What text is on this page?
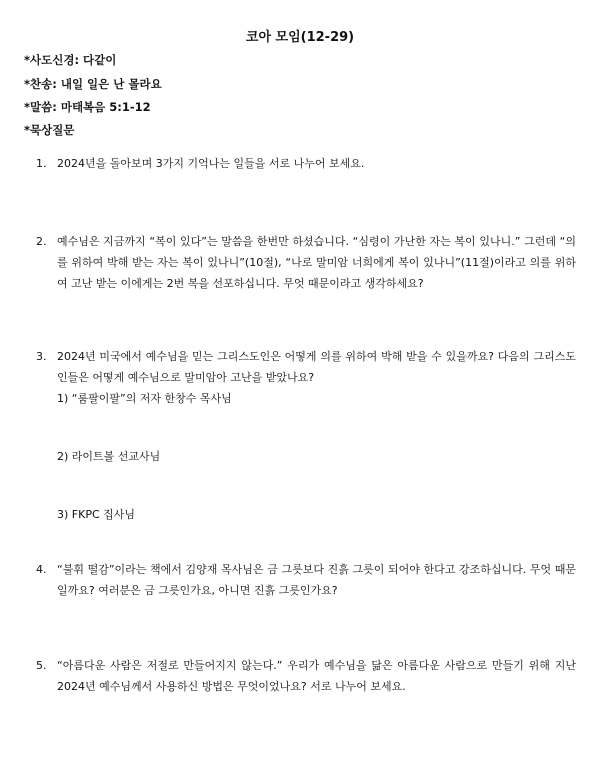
코아 모임(12-29)
*사도신경: 다같이
*찬송: 내일 일은 난 몰라요
*말씀: 마태복음 5:1-12
*묵상질문
1. 2024년을 돌아보며 3가지 기억나는 일들을 서로 나누어 보세요.
2. 예수님은 지금까지 “복이 있다”는 말씀을 한번만 하셨습니다. “심령이 가난한 자는 복이 있나니.” 그런데 “의를 위하여 박해 받는 자는 복이 있나니”(10절), “나로 말미암 너희에게 복이 있나니”(11절)이라고 의를 위하여 고난 받는 이에게는 2번 복을 선포하십니다. 무엇 때문이라고 생각하세요?
3. 2024년 미국에서 예수님을 믿는 그리스도인은 어떻게 의를 위하여 박해 받을 수 있을까요? 다음의 그리스도인들은 어떻게 예수님으로 말미암아 고난을 받았나요?
1) “룸팔이팔”의 저자 한창수 목사님
2) 라이트볼 선교사님
3) FKPC 집사님
4. “불휘 떨감”이라는 책에서 김양재 목사님은 금 그릇보다 진흙 그릇이 되어야 한다고 강조하십니다. 무엇 때문일까요? 여러분은 금 그릇인가요, 아니면 진흙 그릇인가요?
5. “아름다운 사람은 저절로 만들어지지 않는다.” 우리가 예수님을 닮은 아름다운 사람으로 만들기 위해 지난 2024년 예수님께서 사용하신 방법은 무엇이었나요? 서로 나누어 보세요.
